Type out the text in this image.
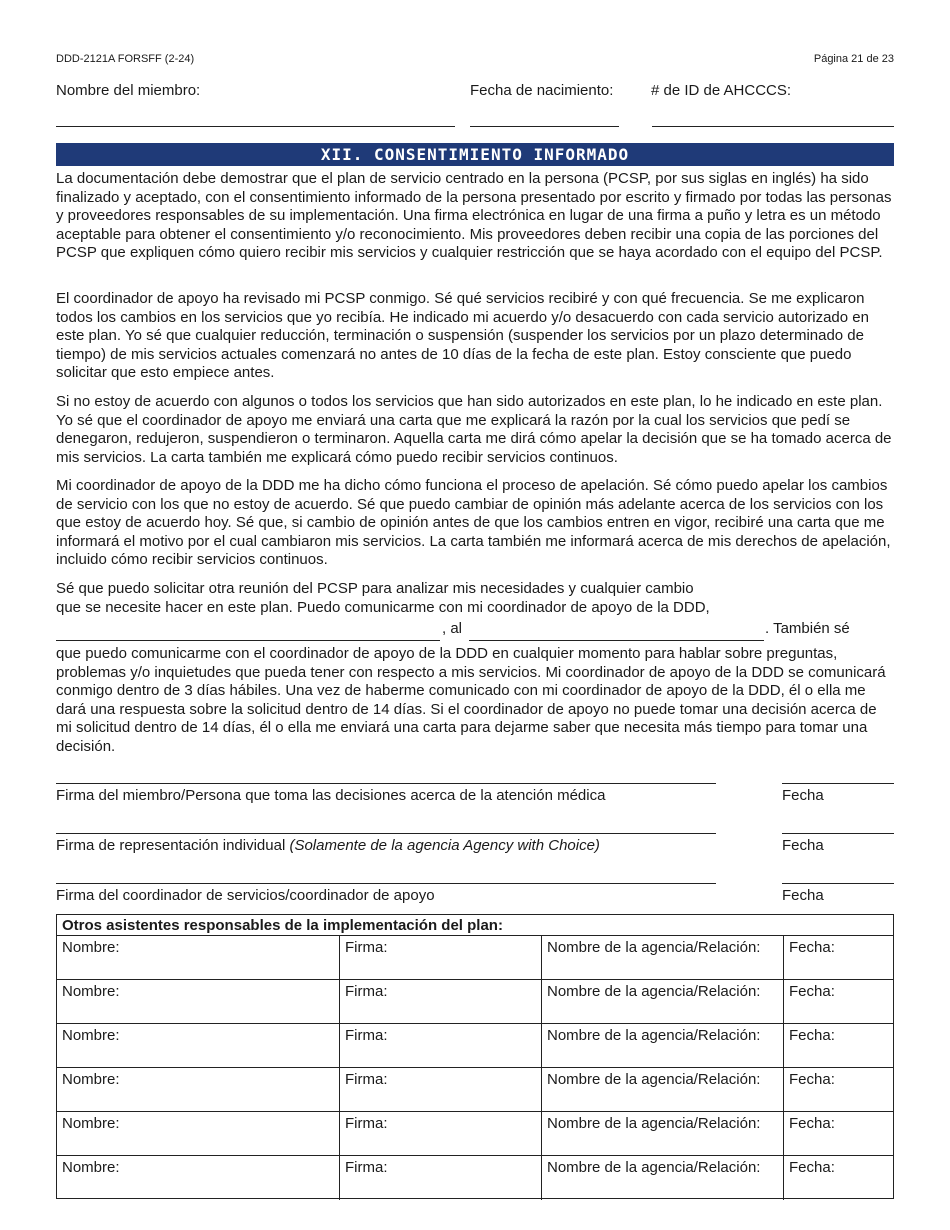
DDD-2121A FORSFF (2-24)	Página 21 de 23
Nombre del miembro:	Fecha de nacimiento:	# de ID de AHCCCS:
XII. CONSENTIMIENTO INFORMADO
La documentación debe demostrar que el plan de servicio centrado en la persona (PCSP, por sus siglas en inglés) ha sido finalizado y aceptado, con el consentimiento informado de la persona presentado por escrito y firmado por todas las personas y proveedores responsables de su implementación. Una firma electrónica en lugar de una firma a puño y letra es un método aceptable para obtener el consentimiento y/o reconocimiento. Mis proveedores deben recibir una copia de las porciones del PCSP que expliquen cómo quiero recibir mis servicios y cualquier restricción que se haya acordado con el equipo del PCSP.
El coordinador de apoyo ha revisado mi PCSP conmigo. Sé qué servicios recibiré y con qué frecuencia. Se me explicaron todos los cambios en los servicios que yo recibía. He indicado mi acuerdo y/o desacuerdo con cada servicio autorizado en este plan. Yo sé que cualquier reducción, terminación o suspensión (suspender los servicios por un plazo determinado de tiempo) de mis servicios actuales comenzará no antes de 10 días de la fecha de este plan. Estoy consciente que puedo solicitar que esto empiece antes.
Si no estoy de acuerdo con algunos o todos los servicios que han sido autorizados en este plan, lo he indicado en este plan. Yo sé que el coordinador de apoyo me enviará una carta que me explicará la razón por la cual los servicios que pedí se denegaron, redujeron, suspendieron o terminaron. Aquella carta me dirá cómo apelar la decisión que se ha tomado acerca de mis servicios. La carta también me explicará cómo puedo recibir servicios continuos.
Mi coordinador de apoyo de la DDD me ha dicho cómo funciona el proceso de apelación. Sé cómo puedo apelar los cambios de servicio con los que no estoy de acuerdo. Sé que puedo cambiar de opinión más adelante acerca de los servicios con los que estoy de acuerdo hoy. Sé que, si cambio de opinión antes de que los cambios entren en vigor, recibiré una carta que me informará el motivo por el cual cambiaron mis servicios. La carta también me informará acerca de mis derechos de apelación, incluido cómo recibir servicios continuos.
Sé que puedo solicitar otra reunión del PCSP para analizar mis necesidades y cualquier cambio
que se necesite hacer en este plan. Puedo comunicarme con mi coordinador de apoyo de la DDD,
, al	. También sé
que puedo comunicarme con el coordinador de apoyo de la DDD en cualquier momento para hablar sobre preguntas, problemas y/o inquietudes que pueda tener con respecto a mis servicios. Mi coordinador de apoyo de la DDD se comunicará conmigo dentro de 3 días hábiles. Una vez de haberme comunicado con mi coordinador de apoyo de la DDD, él o ella me dará una respuesta sobre la solicitud dentro de 14 días. Si el coordinador de apoyo no puede tomar una decisión acerca de mi solicitud dentro de 14 días, él o ella me enviará una carta para dejarme saber que necesita más tiempo para tomar una decisión.
Firma del miembro/Persona que toma las decisiones acerca de la atención médica	Fecha
Firma de representación individual (Solamente de la agencia Agency with Choice)	Fecha
Firma del coordinador de servicios/coordinador de apoyo	Fecha
Otros asistentes responsables de la implementación del plan:
Nombre:	Firma:	Nombre de la agencia/Relación:	Fecha:
Nombre:	Firma:	Nombre de la agencia/Relación:	Fecha:
Nombre:	Firma:	Nombre de la agencia/Relación:	Fecha:
Nombre:	Firma:	Nombre de la agencia/Relación:	Fecha:
Nombre:	Firma:	Nombre de la agencia/Relación:	Fecha:
Nombre:	Firma:	Nombre de la agencia/Relación:	Fecha:
